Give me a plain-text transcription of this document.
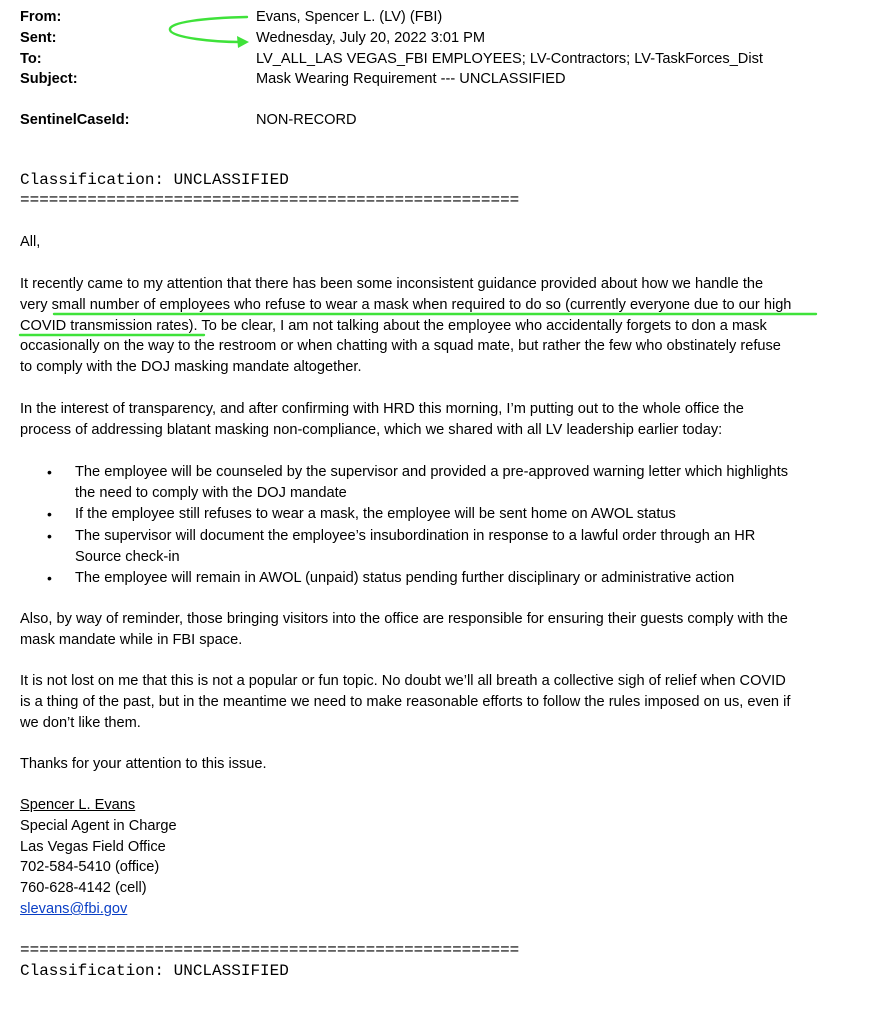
From:	Evans, Spencer L. (LV) (FBI)
Sent:	Wednesday, July 20, 2022 3:01 PM
To:	LV_ALL_LAS VEGAS_FBI EMPLOYEES; LV-Contractors; LV-TaskForces_Dist
Subject:	Mask Wearing Requirement --- UNCLASSIFIED
SentinelCaseId:	NON-RECORD
Classification: UNCLASSIFIED
====================================================
All,
It recently came to my attention that there has been some inconsistent guidance provided about how we handle the
very small number of employees who refuse to wear a mask when required to do so (currently everyone due to our high
COVID transmission rates). To be clear, I am not talking about the employee who accidentally forgets to don a mask
occasionally on the way to the restroom or when chatting with a squad mate, but rather the few who obstinately refuse
to comply with the DOJ masking mandate altogether.
In the interest of transparency, and after confirming with HRD this morning, I’m putting out to the whole office the
process of addressing blatant masking non-compliance, which we shared with all LV leadership earlier today:
• The employee will be counseled by the supervisor and provided a pre-approved warning letter which highlights
the need to comply with the DOJ mandate
• If the employee still refuses to wear a mask, the employee will be sent home on AWOL status
• The supervisor will document the employee’s insubordination in response to a lawful order through an HR
Source check-in
• The employee will remain in AWOL (unpaid) status pending further disciplinary or administrative action
Also, by way of reminder, those bringing visitors into the office are responsible for ensuring their guests comply with the
mask mandate while in FBI space.
It is not lost on me that this is not a popular or fun topic. No doubt we’ll all breath a collective sigh of relief when COVID
is a thing of the past, but in the meantime we need to make reasonable efforts to follow the rules imposed on us, even if
we don’t like them.
Thanks for your attention to this issue.
Spencer L. Evans
Special Agent in Charge
Las Vegas Field Office
702-584-5410 (office)
760-628-4142 (cell)
slevans@fbi.gov
====================================================
Classification: UNCLASSIFIED
